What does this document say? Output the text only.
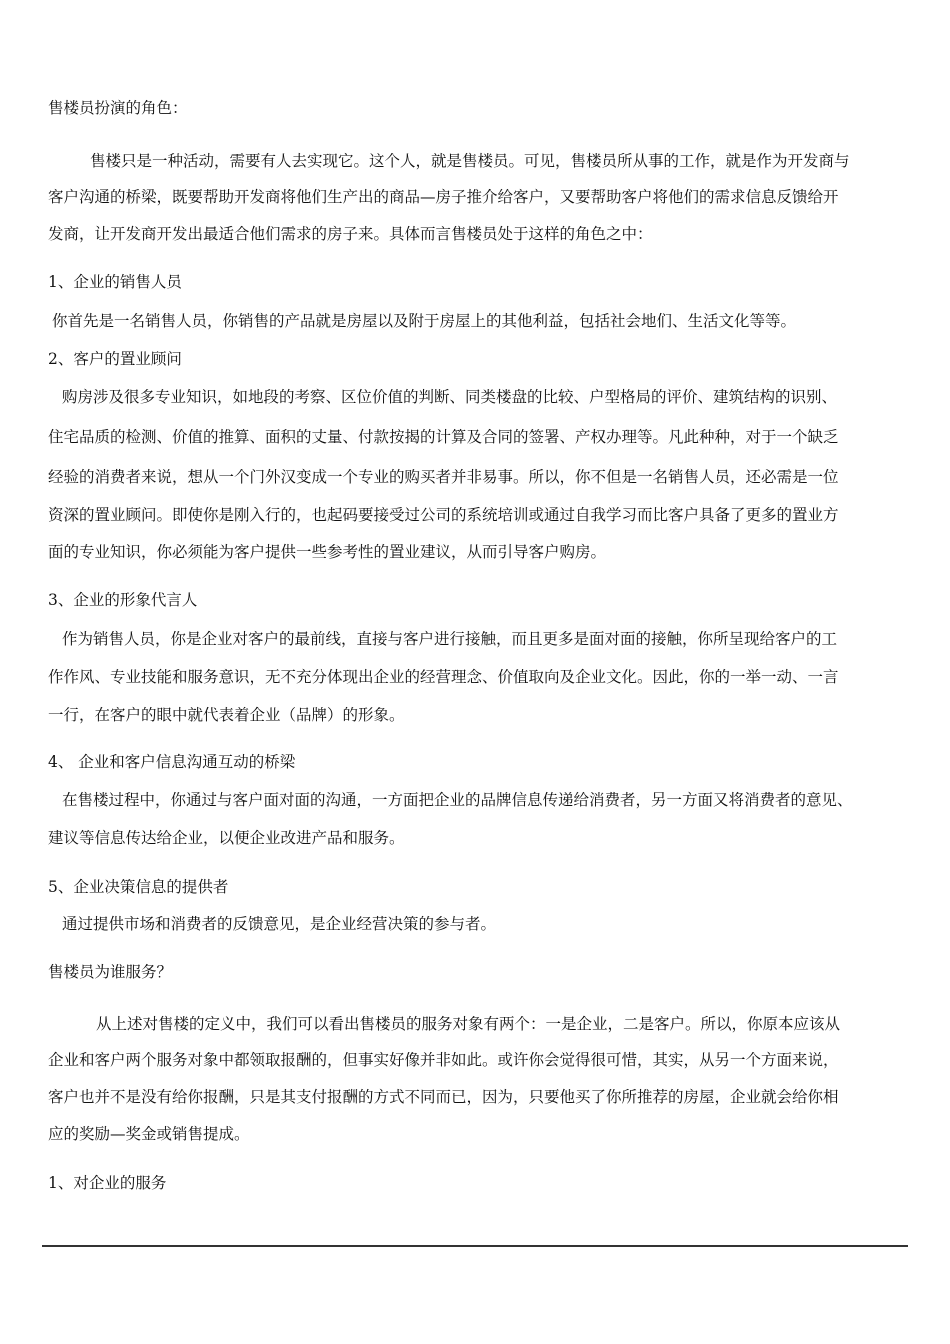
售楼员扮演的角色：

售楼只是一种活动，需要有人去实现它。这个人，就是售楼员。可见，售楼员所从事的工作，就是作为开发商与

客户沟通的桥梁，既要帮助开发商将他们生产出的商品—房子推介给客户，又要帮助客户将他们的需求信息反馈给开

发商，让开发商开发出最适合他们需求的房子来。具体而言售楼员处于这样的角色之中：

1、企业的销售人员

你首先是一名销售人员，你销售的产品就是房屋以及附于房屋上的其他利益，包括社会地们、生活文化等等。

2、客户的置业顾问

购房涉及很多专业知识，如地段的考察、区位价值的判断、同类楼盘的比较、户型格局的评价、建筑结构的识别、

住宅品质的检测、价值的推算、面积的丈量、付款按揭的计算及合同的签署、产权办理等。凡此种种，对于一个缺乏

经验的消费者来说，想从一个门外汉变成一个专业的购买者并非易事。所以，你不但是一名销售人员，还必需是一位

资深的置业顾问。即使你是刚入行的，也起码要接受过公司的系统培训或通过自我学习而比客户具备了更多的置业方

面的专业知识，你必须能为客户提供一些参考性的置业建议，从而引导客户购房。

3、企业的形象代言人

作为销售人员，你是企业对客户的最前线，直接与客户进行接触，而且更多是面对面的接触，你所呈现给客户的工

作作风、专业技能和服务意识，无不充分体现出企业的经营理念、价值取向及企业文化。因此，你的一举一动、一言

一行，在客户的眼中就代表着企业（品牌）的形象。

4、 企业和客户信息沟通互动的桥梁

在售楼过程中，你通过与客户面对面的沟通，一方面把企业的品牌信息传递给消费者，另一方面又将消费者的意见、

建议等信息传达给企业，以便企业改进产品和服务。

5、企业决策信息的提供者

通过提供市场和消费者的反馈意见，是企业经营决策的参与者。

售楼员为谁服务？

从上述对售楼的定义中，我们可以看出售楼员的服务对象有两个：一是企业，二是客户。所以，你原本应该从

企业和客户两个服务对象中都领取报酬的，但事实好像并非如此。或许你会觉得很可惜，其实，从另一个方面来说，

客户也并不是没有给你报酬，只是其支付报酬的方式不同而已，因为，只要他买了你所推荐的房屋，企业就会给你相

应的奖励—奖金或销售提成。

1、对企业的服务
